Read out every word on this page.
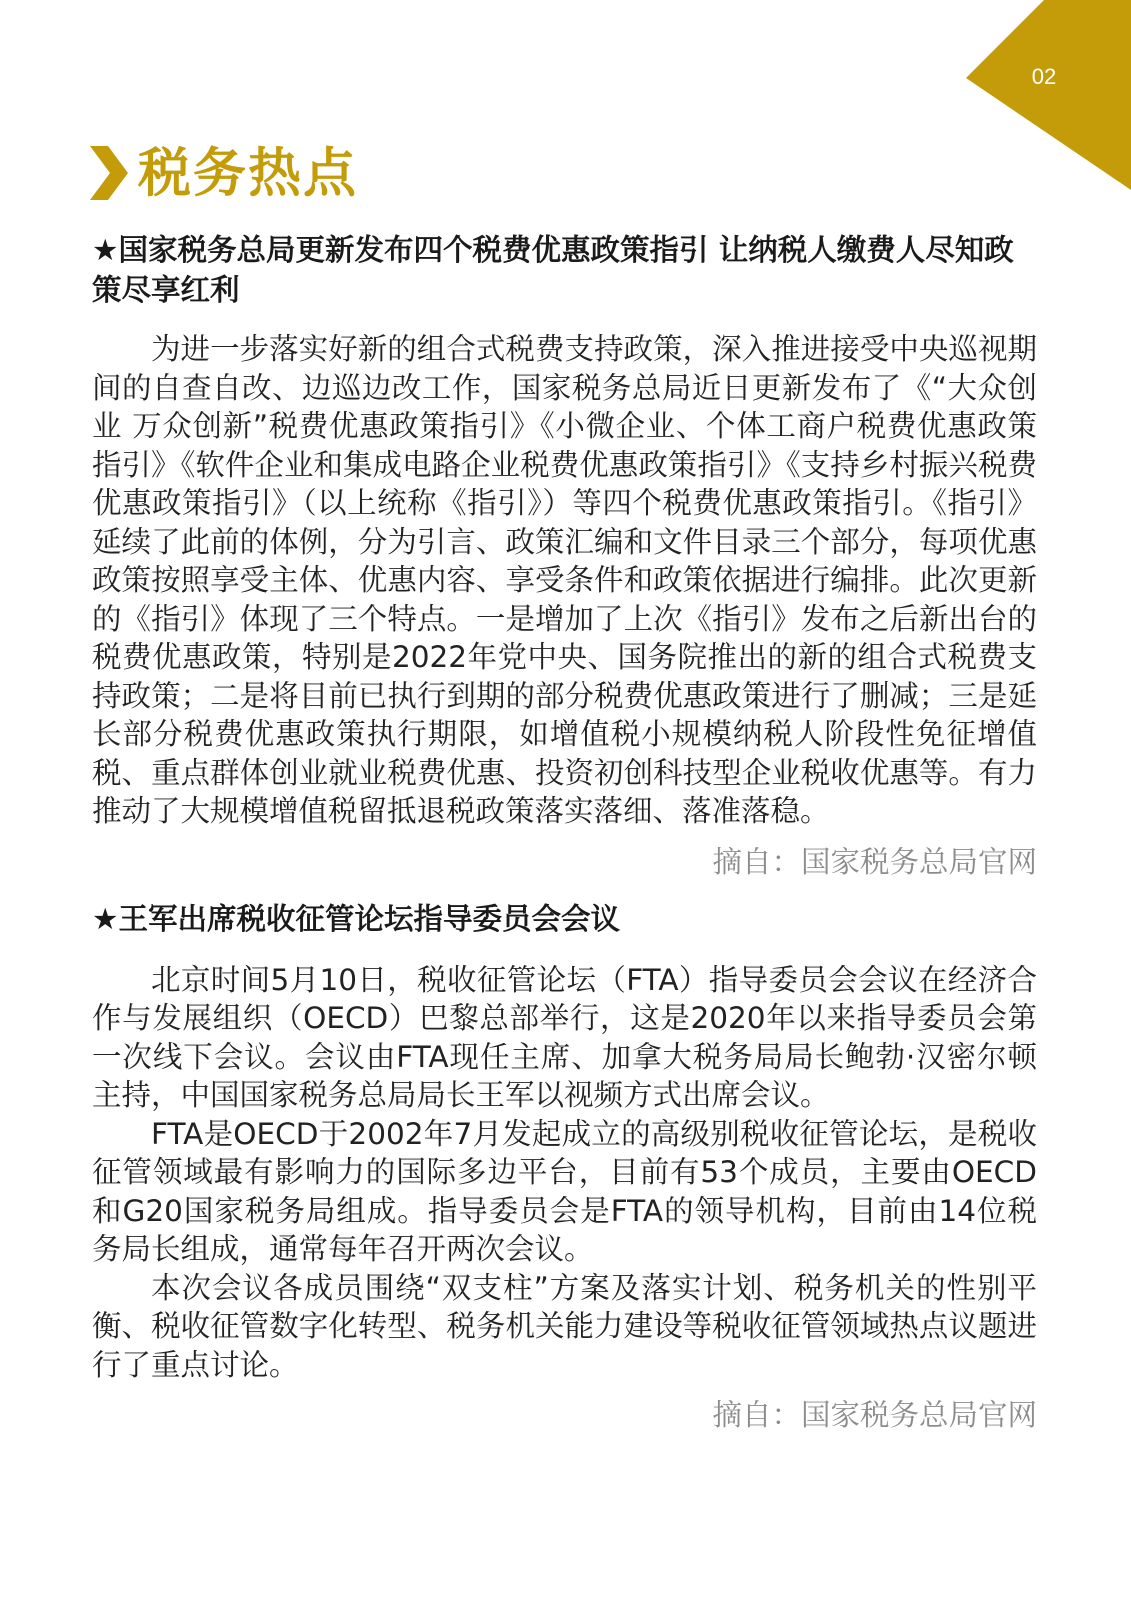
02
税务热点
★国家税务总局更新发布四个税费优惠政策指引 让纳税人缴费人尽知政策尽享红利

为进一步落实好新的组合式税费支持政策，深入推进接受中央巡视期间的自查自改、边巡边改工作，国家税务总局近日更新发布了《“大众创业 万众创新”税费优惠政策指引》《小微企业、个体工商户税费优惠政策指引》《软件企业和集成电路企业税费优惠政策指引》《支持乡村振兴税费优惠政策指引》（以上统称《指引》）等四个税费优惠政策指引。《指引》延续了此前的体例，分为引言、政策汇编和文件目录三个部分，每项优惠政策按照享受主体、优惠内容、享受条件和政策依据进行编排。此次更新的《指引》体现了三个特点。一是增加了上次《指引》发布之后新出台的税费优惠政策，特别是2022年党中央、国务院推出的新的组合式税费支持政策；二是将目前已执行到期的部分税费优惠政策进行了删减；三是延长部分税费优惠政策执行期限，如增值税小规模纳税人阶段性免征增值税、重点群体创业就业税费优惠、投资初创科技型企业税收优惠等。有力推动了大规模增值税留抵退税政策落实落细、落准落稳。

摘自：国家税务总局官网

★王军出席税收征管论坛指导委员会会议

北京时间5月10日，税收征管论坛（FTA）指导委员会会议在经济合作与发展组织（OECD）巴黎总部举行，这是2020年以来指导委员会第一次线下会议。会议由FTA现任主席、加拿大税务局局长鲍勃·汉密尔顿主持，中国国家税务总局局长王军以视频方式出席会议。

FTA是OECD于2002年7月发起成立的高级别税收征管论坛，是税收征管领域最有影响力的国际多边平台，目前有53个成员，主要由OECD和G20国家税务局组成。指导委员会是FTA的领导机构，目前由14位税务局长组成，通常每年召开两次会议。

本次会议各成员围绕“双支柱”方案及落实计划、税务机关的性别平衡、税收征管数字化转型、税务机关能力建设等税收征管领域热点议题进行了重点讨论。

摘自：国家税务总局官网
